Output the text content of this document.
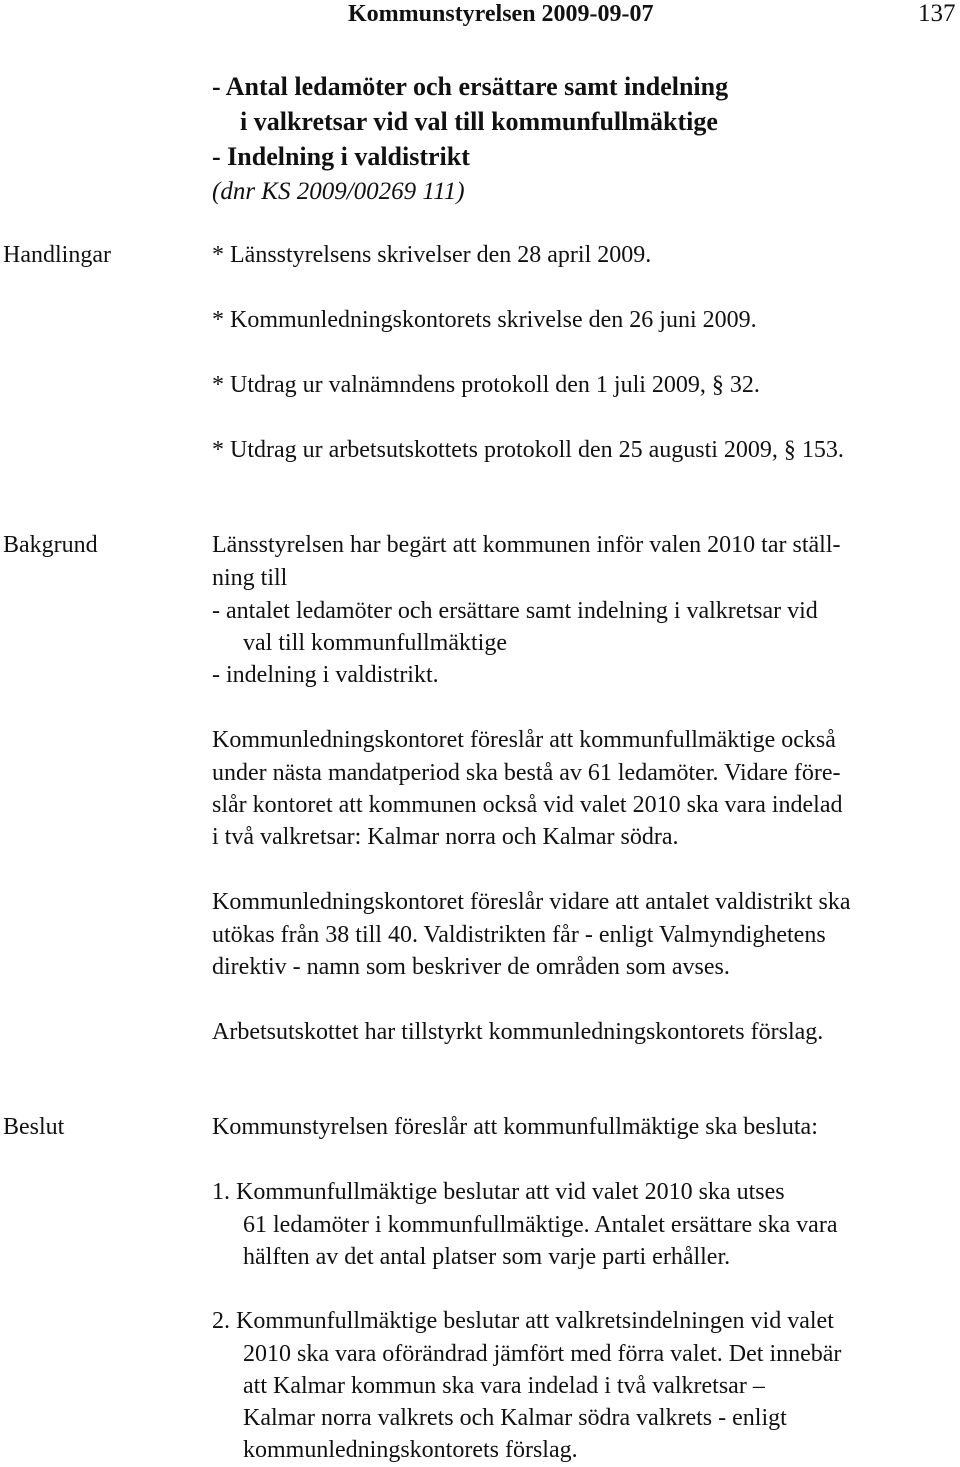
Kommunstyrelsen 2009-09-07	137
- Antal ledamöter och ersättare samt indelning
i valkretsar vid val till kommunfullmäktige
- Indelning i valdistrikt
(dnr KS 2009/00269 111)
Handlingar	* Länsstyrelsens skrivelser den 28 april 2009.
* Kommunledningskontorets skrivelse den 26 juni 2009.
* Utdrag ur valnämndens protokoll den 1 juli 2009, § 32.
* Utdrag ur arbetsutskottets protokoll den 25 augusti 2009, § 153.
Bakgrund	Länsstyrelsen har begärt att kommunen inför valen 2010 tar ställ-
ning till
- antalet ledamöter och ersättare samt indelning i valkretsar vid
val till kommunfullmäktige
- indelning i valdistrikt.
Kommunledningskontoret föreslår att kommunfullmäktige också
under nästa mandatperiod ska bestå av 61 ledamöter. Vidare före-
slår kontoret att kommunen också vid valet 2010 ska vara indelad
i två valkretsar: Kalmar norra och Kalmar södra.
Kommunledningskontoret föreslår vidare att antalet valdistrikt ska
utökas från 38 till 40. Valdistrikten får - enligt Valmyndighetens
direktiv - namn som beskriver de områden som avses.
Arbetsutskottet har tillstyrkt kommunledningskontorets förslag.
Beslut	Kommunstyrelsen föreslår att kommunfullmäktige ska besluta:
1. Kommunfullmäktige beslutar att vid valet 2010 ska utses
61 ledamöter i kommunfullmäktige. Antalet ersättare ska vara
hälften av det antal platser som varje parti erhåller.
2. Kommunfullmäktige beslutar att valkretsindelningen vid valet
2010 ska vara oförändrad jämfört med förra valet. Det innebär
att Kalmar kommun ska vara indelad i två valkretsar –
Kalmar norra valkrets och Kalmar södra valkrets - enligt
kommunledningskontorets förslag.
